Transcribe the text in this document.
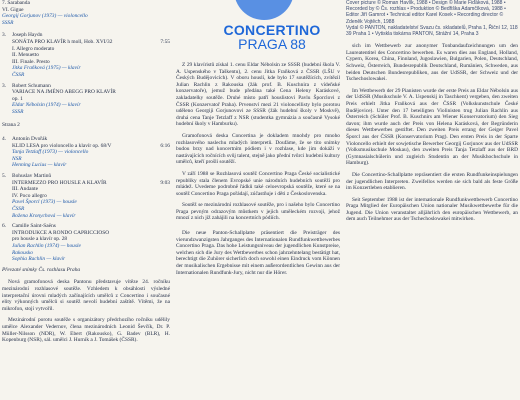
7. Sarabanda
VI. Gigue
Georgij Gorjunov (1973) — violoncello
SSSR
3.	Joseph Haydn
SONÁTA PRO KLAVÍR h moll, Hob. XVI/32	7:55
I. Allegro moderato
II. Menuetto
III. Finale. Presto
Jitka Fraňková (1975) — klavír
ČSSR
3.	Robert Schumann
VARIACE NA JMÉNO ABEGG PRO KLAVÍR
op. 1
Eldar Nébolsin (1974) — klavír
SSSR
Strana 2
4.	Antonín Dvořák
KLID LESA pro violoncello a klavír op. 68/V	6:16
Tanja Tetzlaff (1973) — violoncello
NSR
Henning Lucius — klavír
5.	Bohuslav Martinů
INTERMEZZO PRO HOUSLE A KLAVÍR	9:03
III. Andante
IV. Poco allegro
Pavel Šporcl (1973) — housle
ČSSR
Božena Kronychová — klavír
6.	Camille Saint-Saëns
INTRODUKCE A RONDO CAPRICCIOSO
pro housle a klavír op. 28
Julian Rachlin (1974) — housle
Rakousko
Sophia Rachlin — klavír
Převzaté snímky Čs. rozhlasu Praha
Nová gramofonová deska Pantonu představuje vítěze 24. ročníku mezinárodní rozhlasové soutěže. Vzhledem k obsáhlosti výsledné interpretační úrovni mladých začínajících umělců z Concertino i současné elity výkonných umělců si soutěž nevolí hudební zaštítě. Vítěmi, že na mikrofon, stojí vytvořil.
Mezinárodní porotu soutěže s organizátory předchozího ročníku udělily umělce Alexander Vedernov, člena mezinárodních Leonid Ševčík, Dr. P. Müller-Nilsson (NDR), W. Ebert (Rakousko), G. Badev (BLR), H. Kopenburg (NSR), sál. umělci J. Hurník a J. Tomášek (ČSSR).
CONCERTINO
PRAGA 88
Z 29 klavíristů získal 1. cenu Eldar Nébolsin ze SSSR (hudební škola V. A. Uspenského v Taškentu), 2. cenu Jitka Fraňková z ČSSR (LŠU v Českých Budějovicích). V oboru houslí, kde bylo 17 soutěžících, zvítězil Julian Rachlin z Rakouska (žák prof. B. Kuschnira z vídeňské konzervatoře), jemuž bude předána také Cena Heleny Karáskové, zakladatelky soutěže. Druhé místo patří houslistovi Pavlu Šporclovi z ČSSR (Konzervatoř Praha). Prvenství mezi 21 violoncellisty bylo porotou uděleno Georgiji Gorjunovovi ze SSSR (žák hudební školy v Moskvě), druhá cena Tanje Tetzlaff z NSR (studentka gymnázia a současně Vysoké hudební školy v Hamburku).
Gramofonová deska Concertina je dokladem mnohdy pro mnoho rozhlasového naslechu mladých interpretů. Doufáme, že se tito snímky budou brzy nad koncertním pódiem i v rozhlase, kde jim dokáží v nastávajících ročnících svůj talent, stejně jako přední tvůrci hudební kultury umělců, kteří prošli soutěží.
V září 1988 se Rozhlasová soutěž Concertino Praga České socialistické republiky stala členem Evropské unie národních hudebních soutěží pro mládež. Uvedeme podrobně řádků také celoevropská soutěže, které se na soutěž Concertino Praga pořádají, zúčastňuje i děti z Československa.
Soutěž se mezinárodní rozhlasové soutěže, pro i našeho bylo Concertino Praga pevným odrazovým můstkem v jejich uměleckém rozvoji, jehož mnozí z nich již zahájili na koncertních pódiích.
Die neue Panton-Schallplatte präsentiert die Preisträger des vierundzwanzigsten Jahrganges des Internationalen Rundfunkwettbewerbes Concertino Praga. Das hohe Leistungsniveau der jugendlichen Kunstpreise, welchen sich die Jury des Wettbewerbes schon jahrzehntelang bestätigt hat, berechtigt die Zuhörer sicherlich doch sowohl einen Eindruck vom Können der musikalischen Ergebnisse mit einem außerordentlichen Gewinn aus der Internationalen Rundfunk-Jury, nicht nur die Hörer.
Cover picture © Roman Havlík, 1988 • Design © Marie Fiďáková, 1988 • Recorded by © Čs. rozhlas • Produktion © Bedřiška Adamčíková, 1988 • Editor Jiří Gamrot • Technical editor Karel Kosek • Recording director © Zdeněk Vojtěch, 1988
Vydal © PANTON, nakladatelství Svazu čs. skladatelů, Praha 1, Řiční 12, 118 39 Praha 1 • Vytiskla tiskárna PANTON, Strážní 14, Praha 3
sich im Wettbewerb zur anonymer Tonbandaufzeichnungen um den Laureatentitel des Concertino bewerben. Es waren dies aus England, Holland, Cypern, Korea, China, Finnland, Jugoslawien, Bulgarien, Polen, Deutschland, Schweiz, Österreich, Bundesrepublik Deutschland, Rumänien, Schweden, aus beiden Deutschen Bundesrepubliken, aus der UdSSR, der Schweiz und der Tschechoslowakei.
Im Wettbewerb der 29 Pianisten wurde der erste Preis an Eldar Nébolsin aus der UdSSR (Musikschule V. A. Uspenskij in Taschkent) vergeben, den zweiten Preis erhielt Jitka Fraňková aus der ČSSR (Volkskunstschule České Budějovice). Unter den 17 beteiligten Violinisten trug Julian Rachlin aus Österreich (Schüler Prof. B. Kuschnirs am Wiener Konservatorium) den Sieg davon; ihm wurde auch der Preis von Helena Karásková, der Begründerin dieses Wettbewerbes gestiftet. Den zweiten Preis errang der Geiger Pavel Šporcl aus der ČSSR (Konservatorium Prag). Den ersten Preis in der Sparte Violoncello erhielt der sowjetische Bewerber Georgij Gorjunov aus der UdSSR (Volksmusikschule Moskau), den zweiten Preis Tanja Tetzlaff aus der BRD (Gymnasialschülerin und zugleich Studentin an der Musikhochschule in Hamburg).
Die Concertino-Schallplatte repräsentiert die ersten Rundfunkeinspielungen der jugendlichen Interpreten. Zweifellos werden sie sich bald als feste Größe im Konzertleben etablieren.
Seit September 1988 ist der internationale Rundfunkwettbewerb Concertino Praga Mitglied der Europäischen Union nationaler Musikwettbewerbe für die Jugend. Die Union veranstaltet alljährlich den europäischen Wettbewerb, an dem auch Teilnehmer aus der Tschechoslowakei mitwirken.
